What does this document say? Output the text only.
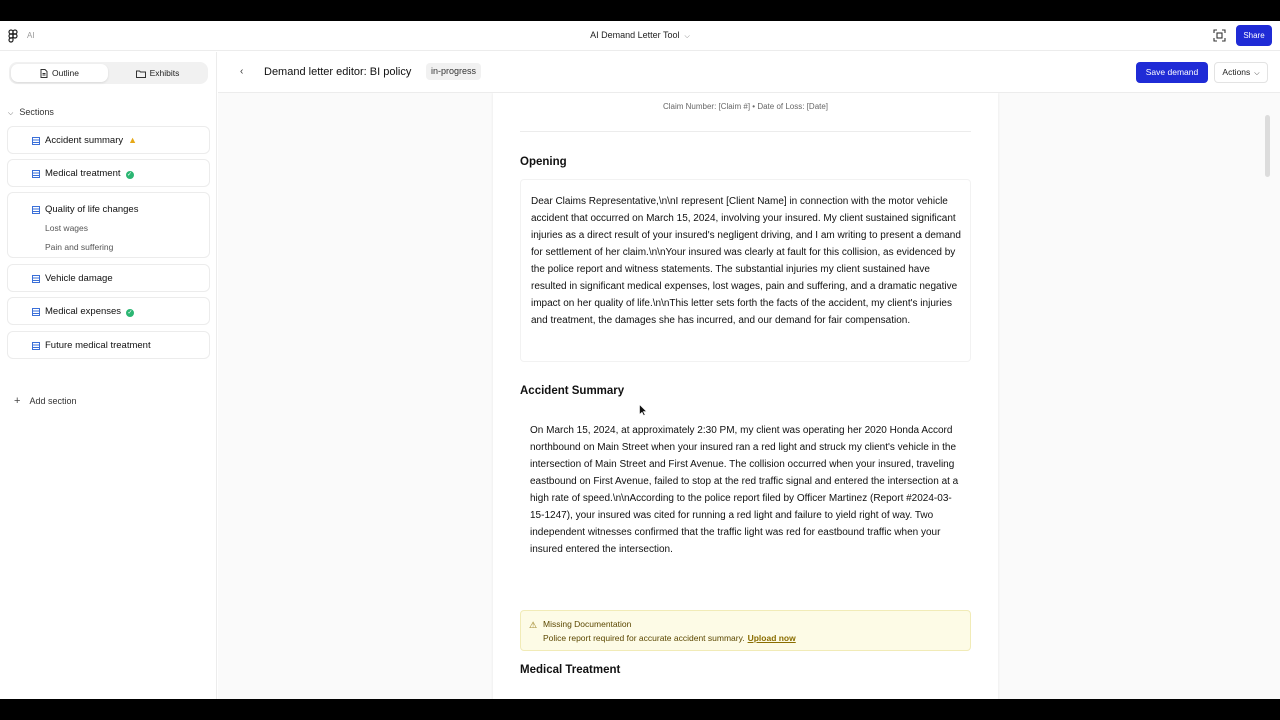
AI	AI Demand Letter Tool ⌵	Share
Outline	Exhibits
⌵ Sections
Accident summary ▲
Medical treatment ✓
Quality of life changes
Lost wages
Pain and suffering
Vehicle damage
Medical expenses ✓
Future medical treatment
+ Add section
‹ Demand letter editor: BI policy	in-progress	Save demand	Actions ⌵
Claim Number: [Claim #] • Date of Loss: [Date]
Opening

Dear Claims Representative,\n\nI represent [Client Name] in connection with the motor vehicle accident that occurred on March 15, 2024, involving your insured. My client sustained significant injuries as a direct result of your insured's negligent driving, and I am writing to present a demand for settlement of her claim.\n\nYour insured was clearly at fault for this collision, as evidenced by the police report and witness statements. The substantial injuries my client sustained have resulted in significant medical expenses, lost wages, pain and suffering, and a dramatic negative impact on her quality of life.\n\nThis letter sets forth the facts of the accident, my client's injuries and treatment, the damages she has incurred, and our demand for fair compensation.

Accident Summary

On March 15, 2024, at approximately 2:30 PM, my client was operating her 2020 Honda Accord northbound on Main Street when your insured ran a red light and struck my client's vehicle in the intersection of Main Street and First Avenue. The collision occurred when your insured, traveling eastbound on First Avenue, failed to stop at the red traffic signal and entered the intersection at a high rate of speed.\n\nAccording to the police report filed by Officer Martinez (Report #2024-03-15-1247), your insured was cited for running a red light and failure to yield right of way. Two independent witnesses confirmed that the traffic light was red for eastbound traffic when your insured entered the intersection.

⚠ Missing Documentation
Police report required for accurate accident summary. Upload now
Medical Treatment
